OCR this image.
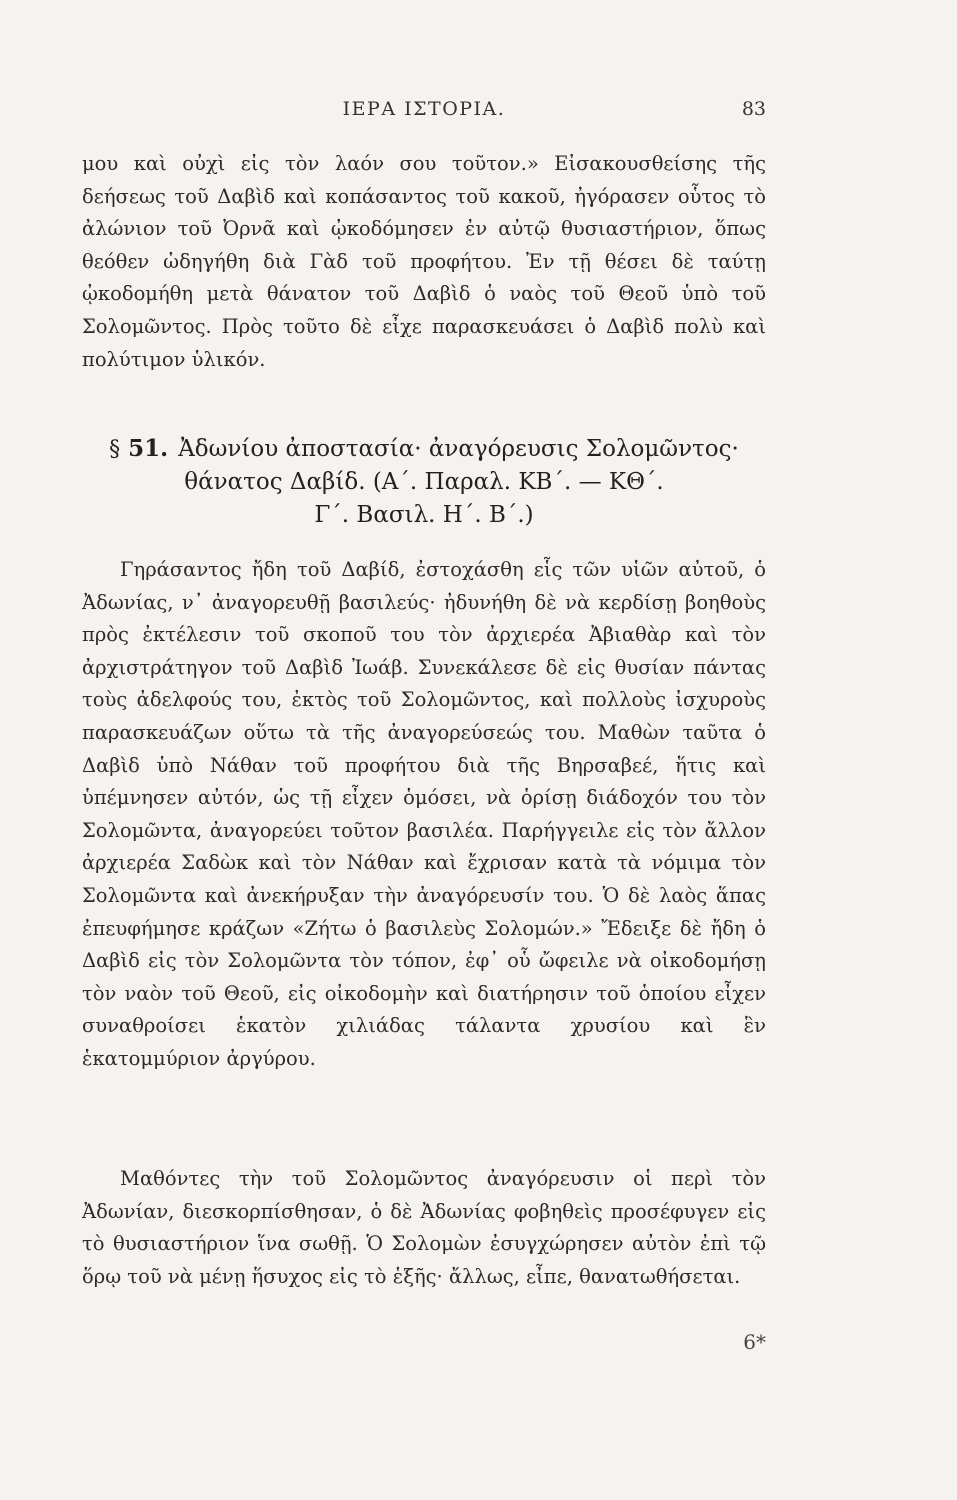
ΙΕΡΑ ΙΣΤΟΡΙΑ.	83

μου καὶ οὐχὶ εἰς τὸν λαόν σου τοῦτον.» Εἰσακουσθείσης τῆς δεήσεως τοῦ Δαβὶδ καὶ κοπάσαντος τοῦ κακοῦ, ἠγόρασεν οὗτος τὸ ἀλώνιον τοῦ Ὀρνᾶ καὶ ᾠκοδόμησεν ἐν αὐτῷ θυσιαστήριον, ὅπως θεόθεν ὡδηγήθη διὰ Γὰδ τοῦ προφήτου. Ἐν τῇ θέσει δὲ ταύτῃ ᾠκοδομήθη μετὰ θάνατον τοῦ Δαβὶδ ὁ ναὸς τοῦ Θεοῦ ὑπὸ τοῦ Σολομῶντος. Πρὸς τοῦτο δὲ εἶχε παρασκευάσει ὁ Δαβὶδ πολὺ καὶ πολύτιμον ὑλικόν.

§ 51. Ἀδωνίου ἀποστασία· ἀναγόρευσις Σολομῶντος·
θάνατος Δαβίδ. (Α΄. Παραλ. ΚΒ΄. — ΚΘ΄.
Γ΄. Βασιλ. Η΄. Β΄.)

Γηράσαντος ἤδη τοῦ Δαβίδ, ἐστοχάσθη εἷς τῶν υἱῶν αὐτοῦ, ὁ Ἀδωνίας, ν᾿ ἀναγορευθῇ βασιλεύς· ἠδυνήθη δὲ νὰ κερδίσῃ βοηθοὺς πρὸς ἐκτέλεσιν τοῦ σκοποῦ του τὸν ἀρχιερέα Ἀβιαθὰρ καὶ τὸν ἀρχιστράτηγον τοῦ Δαβὶδ Ἰωάβ. Συνεκάλεσε δὲ εἰς θυσίαν πάντας τοὺς ἀδελφούς του, ἐκτὸς τοῦ Σολομῶντος, καὶ πολλοὺς ἰσχυροὺς παρασκευάζων οὕτω τὰ τῆς ἀναγορεύσεώς του. Μαθὼν ταῦτα ὁ Δαβὶδ ὑπὸ Νάθαν τοῦ προφήτου διὰ τῆς Βηρσαβεέ, ἥτις καὶ ὑπέμνησεν αὐτόν, ὡς τῇ εἶχεν ὁμόσει, νὰ ὁρίσῃ διάδοχόν του τὸν Σολομῶντα, ἀναγορεύει τοῦτον βασιλέα. Παρήγγειλε εἰς τὸν ἄλλον ἀρχιερέα Σαδὼκ καὶ τὸν Νάθαν καὶ ἔχρισαν κατὰ τὰ νόμιμα τὸν Σολομῶντα καὶ ἀνεκήρυξαν τὴν ἀναγόρευσίν του. Ὁ δὲ λαὸς ἅπας ἐπευφήμησε κράζων «Ζήτω ὁ βασιλεὺς Σολομών.» Ἔδειξε δὲ ἤδη ὁ Δαβὶδ εἰς τὸν Σολομῶντα τὸν τόπον, ἐφ᾿ οὗ ὤφειλε νὰ οἰκοδομήσῃ τὸν ναὸν τοῦ Θεοῦ, εἰς οἰκοδομὴν καὶ διατήρησιν τοῦ ὁποίου εἶχεν συναθροίσει ἑκατὸν χιλιάδας τάλαντα χρυσίου καὶ ἓν ἑκατομμύριον ἀργύρου.

Μαθόντες τὴν τοῦ Σολομῶντος ἀναγόρευσιν οἱ περὶ τὸν Ἀδωνίαν, διεσκορπίσθησαν, ὁ δὲ Ἀδωνίας φοβηθεὶς προσέφυγεν εἰς τὸ θυσιαστήριον ἵνα σωθῇ. Ὁ Σολομὼν ἐσυγχώρησεν αὐτὸν ἐπὶ τῷ ὅρῳ τοῦ νὰ μένῃ ἥσυχος εἰς τὸ ἑξῆς· ἄλλως, εἶπε, θανατωθήσεται.

6*
